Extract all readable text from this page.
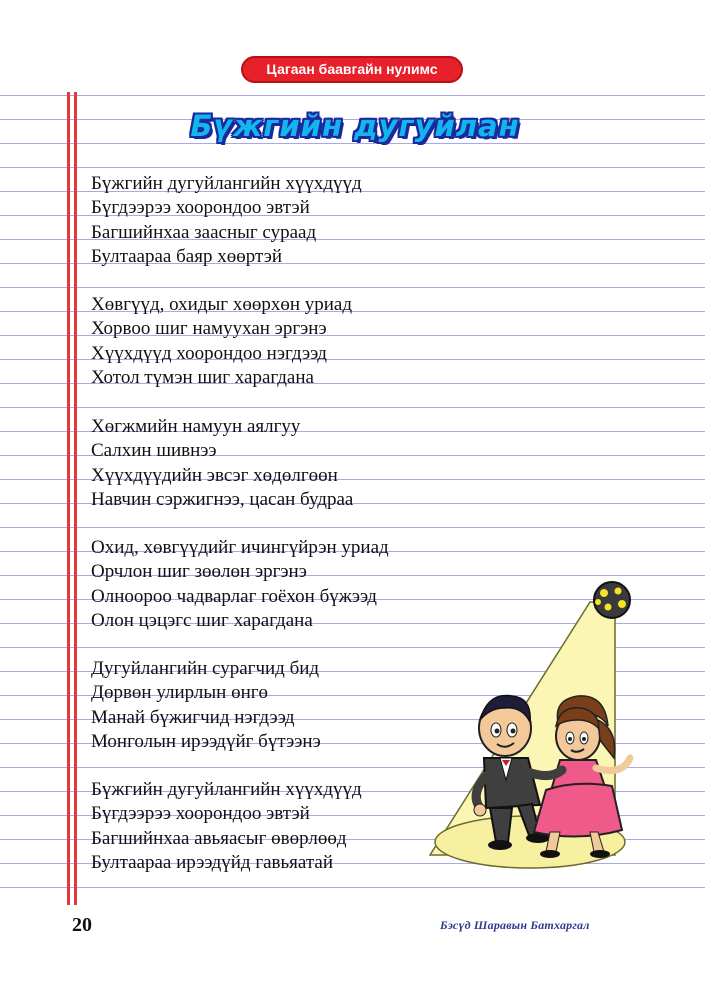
Цагаан баавгайн нулимс
Бүжгийн дугуйлан
Бүжгийн дугуйлангийн хүүхдүүд
Бүгдээрээ хоорондоо эвтэй
Багшийнхаа заасныг сураад
Бултаараа баяр хөөртэй
Хөвгүүд, охидыг хөөрхөн уриад
Хорвоо шиг намуухан эргэнэ
Хүүхдүүд хоорондоо нэгдээд
Хотол түмэн шиг харагдана
Хөгжмийн намуун аялгуу
Салхин шивнээ
Хүүхдүүдийн эвсэг хөдөлгөөн
Навчин сэржигнээ, цасан будраа
Охид, хөвгүүдийг ичингүйрэн уриад
Орчлон шиг зөөлөн эргэнэ
Олноороо чадварлаг гоёхон бүжээд
Олон цэцэгс шиг харагдана
Дугуйлангийн сурагчид бид
Дөрвөн улирлын өнгө
Манай бүжигчид нэгдээд
Монголын ирээдүйг бүтээнэ
Бүжгийн дугуйлангийн хүүхдүүд
Бүгдээрээ хоорондоо эвтэй
Багшийнхаа авьяасыг өвөрлөөд
Бултаараа ирээдүйд гавьяатай
20	Бэсүд Шаравын Батхаргал
